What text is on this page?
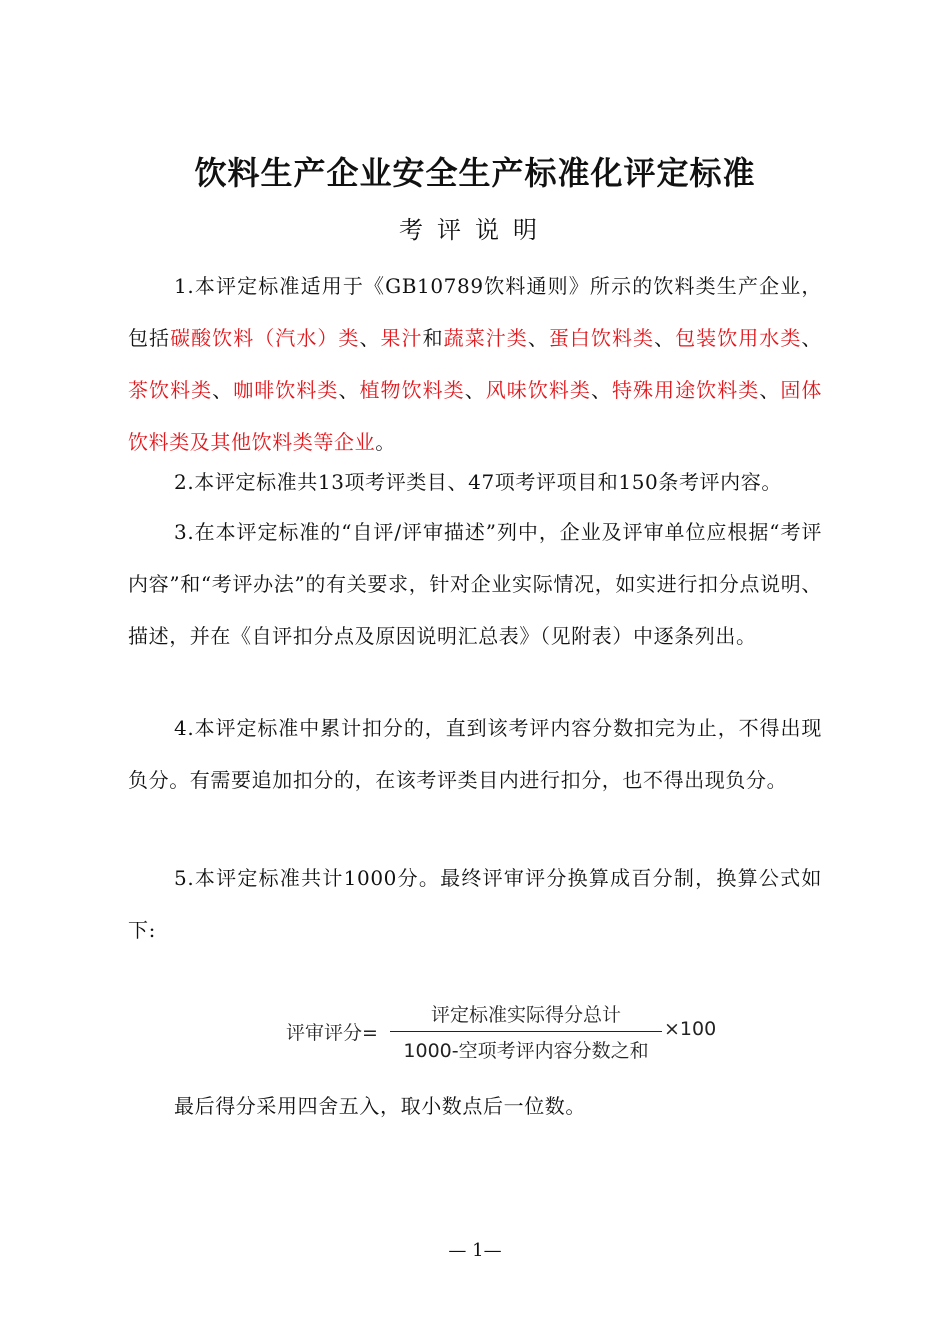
饮料生产企业安全生产标准化评定标准
考评说明
1.本评定标准适用于《GB10789饮料通则》所示的饮料类生产企业，包括碳酸饮料（汽水）类、果汁和蔬菜汁类、蛋白饮料类、包装饮用水类、茶饮料类、咖啡饮料类、植物饮料类、风味饮料类、特殊用途饮料类、固体饮料类及其他饮料类等企业。
2.本评定标准共13项考评类目、47项考评项目和150条考评内容。
3.在本评定标准的“自评/评审描述”列中，企业及评审单位应根据“考评内容”和“考评办法”的有关要求，针对企业实际情况，如实进行扣分点说明、描述，并在《自评扣分点及原因说明汇总表》（见附表）中逐条列出。
4.本评定标准中累计扣分的，直到该考评内容分数扣完为止，不得出现负分。有需要追加扣分的，在该考评类目内进行扣分，也不得出现负分。
5.本评定标准共计1000分。最终评审评分换算成百分制，换算公式如下:
评审评分=
评定标准实际得分总计
1000-空项考评内容分数之和
×100
最后得分采用四舍五入，取小数点后一位数。
— 1—
